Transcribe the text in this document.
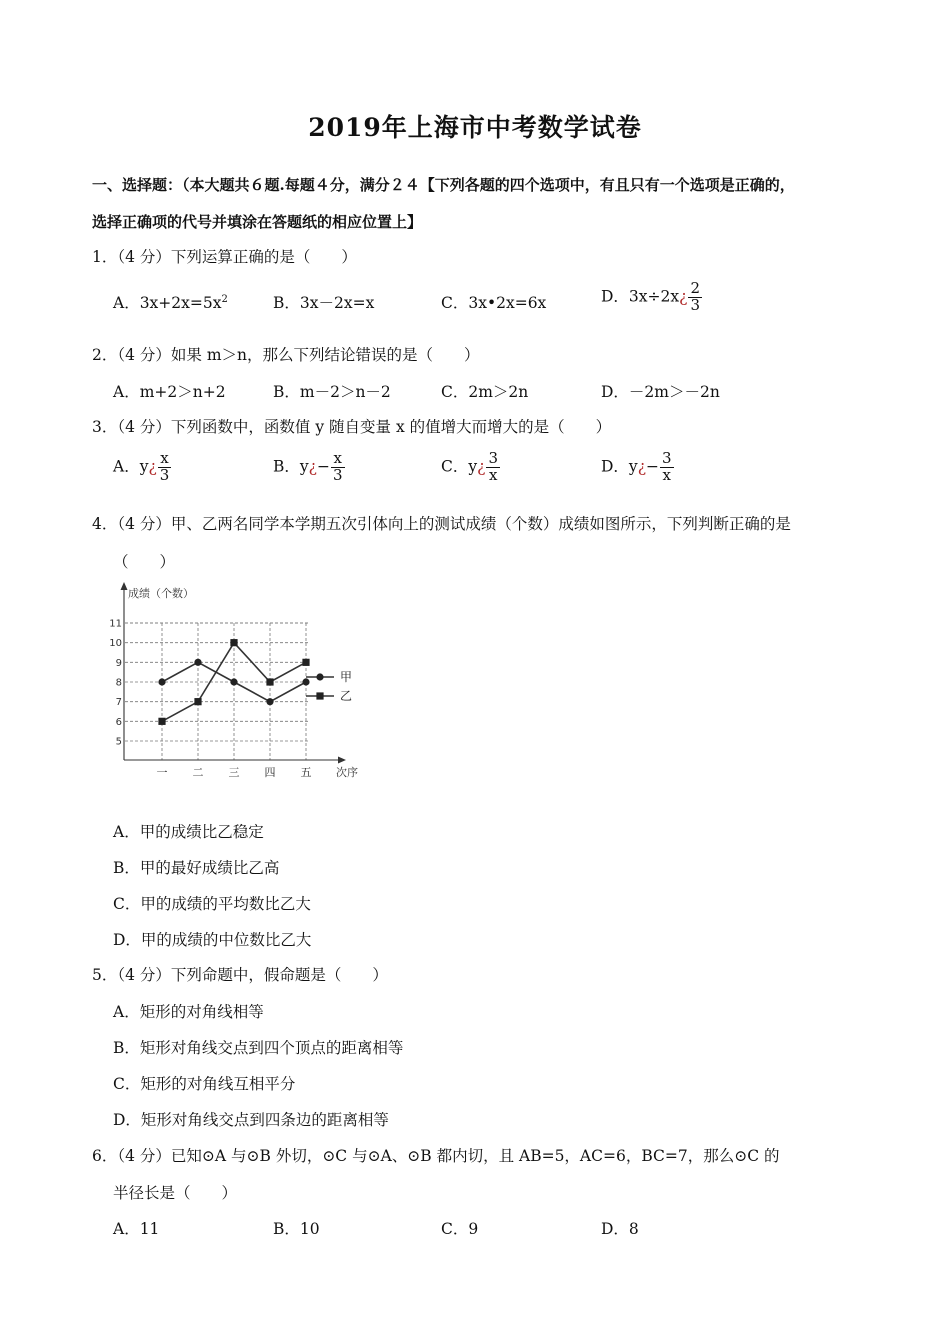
2019年上海市中考数学试卷
一、选择题：（本大题共６题.每题４分，满分２４【下列各题的四个选项中，有且只有一个选项是正确的，
选择正确项的代号并填涂在答题纸的相应位置上】
1．（4 分）下列运算正确的是（　　）
A．$3x+2x=5x^2$	B．3x－2x=x	C．3x•2x=6x	D．3x÷2x¿ $\frac{2}{3}$
2．（4 分）如果 m＞n，那么下列结论错误的是（　　）
A．m+2＞n+2	B．m－2＞n－2	C．2m＞2n	D．－2m＞－2n
3．（4 分）下列函数中，函数值 y 随自变量 x 的值增大而增大的是（　　）
A．y¿ $\frac{x}{3}$	B．y¿− $\frac{x}{3}$	C．y¿ $\frac{3}{x}$	D．y¿− $\frac{3}{x}$
4．（4 分）甲、乙两名同学本学期五次引体向上的测试成绩（个数）成绩如图所示，下列判断正确的是
（　　）
5
6
7
8
9
10
11
一 二 三 四 五
成绩（个数）
次序
甲
乙
A．甲的成绩比乙稳定
B．甲的最好成绩比乙高
C．甲的成绩的平均数比乙大
D．甲的成绩的中位数比乙大
5．（4 分）下列命题中，假命题是（　　）
A．矩形的对角线相等
B．矩形对角线交点到四个顶点的距离相等
C．矩形的对角线互相平分
D．矩形对角线交点到四条边的距离相等
6．（4 分）已知⊙A 与⊙B 外切，⊙C 与⊙A、⊙B 都内切，且 AB=5，AC=6，BC=7，那么⊙C 的
半径长是（　　）
A．11	B．10	C．9	D．8
